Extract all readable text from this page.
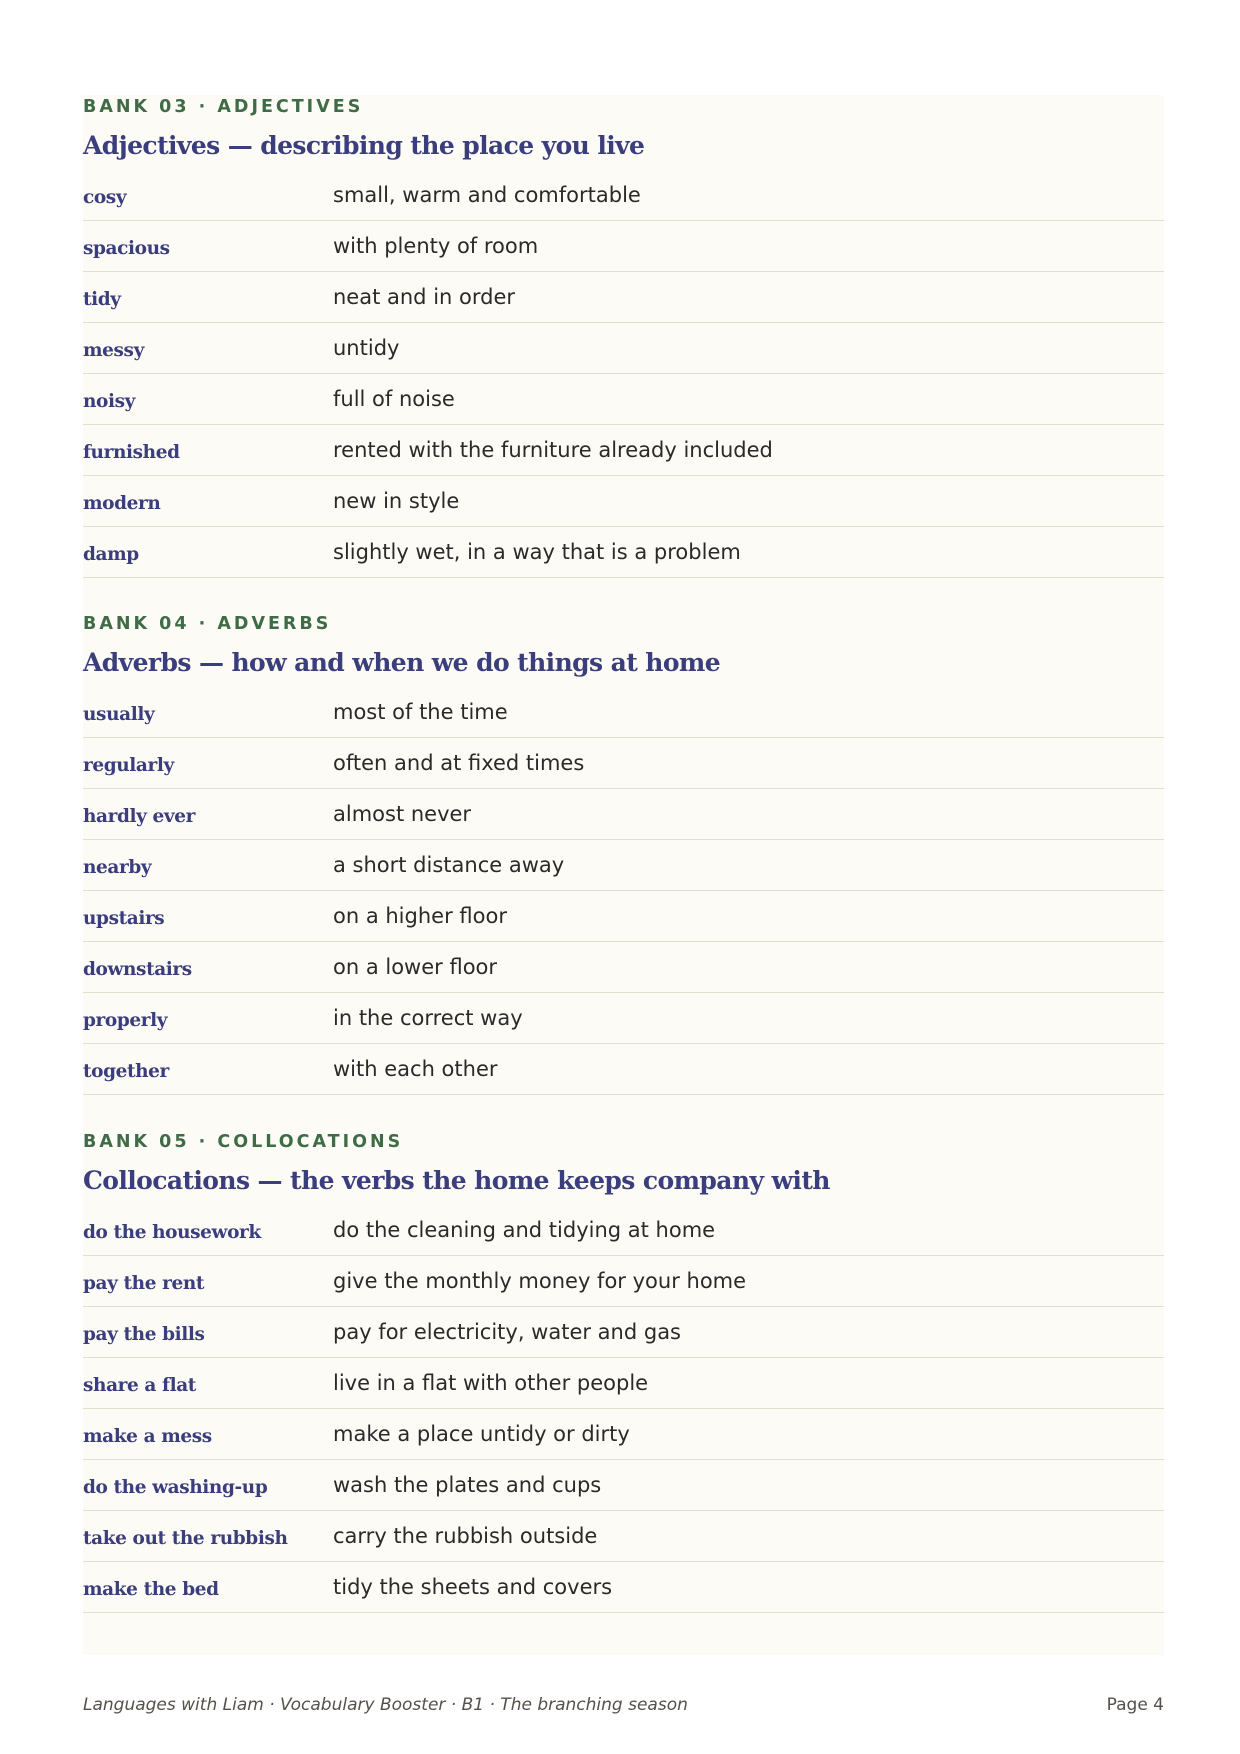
BANK 03 · ADJECTIVES
Adjectives — describing the place you live
cosy	small, warm and comfortable
spacious	with plenty of room
tidy	neat and in order
messy	untidy
noisy	full of noise
furnished	rented with the furniture already included
modern	new in style
damp	slightly wet, in a way that is a problem
BANK 04 · ADVERBS
Adverbs — how and when we do things at home
usually	most of the time
regularly	often and at fixed times
hardly ever	almost never
nearby	a short distance away
upstairs	on a higher floor
downstairs	on a lower floor
properly	in the correct way
together	with each other
BANK 05 · COLLOCATIONS
Collocations — the verbs the home keeps company with
do the housework	do the cleaning and tidying at home
pay the rent	give the monthly money for your home
pay the bills	pay for electricity, water and gas
share a flat	live in a flat with other people
make a mess	make a place untidy or dirty
do the washing-up	wash the plates and cups
take out the rubbish	carry the rubbish outside
make the bed	tidy the sheets and covers
Languages with Liam · Vocabulary Booster · B1 · The branching season	Page 4
